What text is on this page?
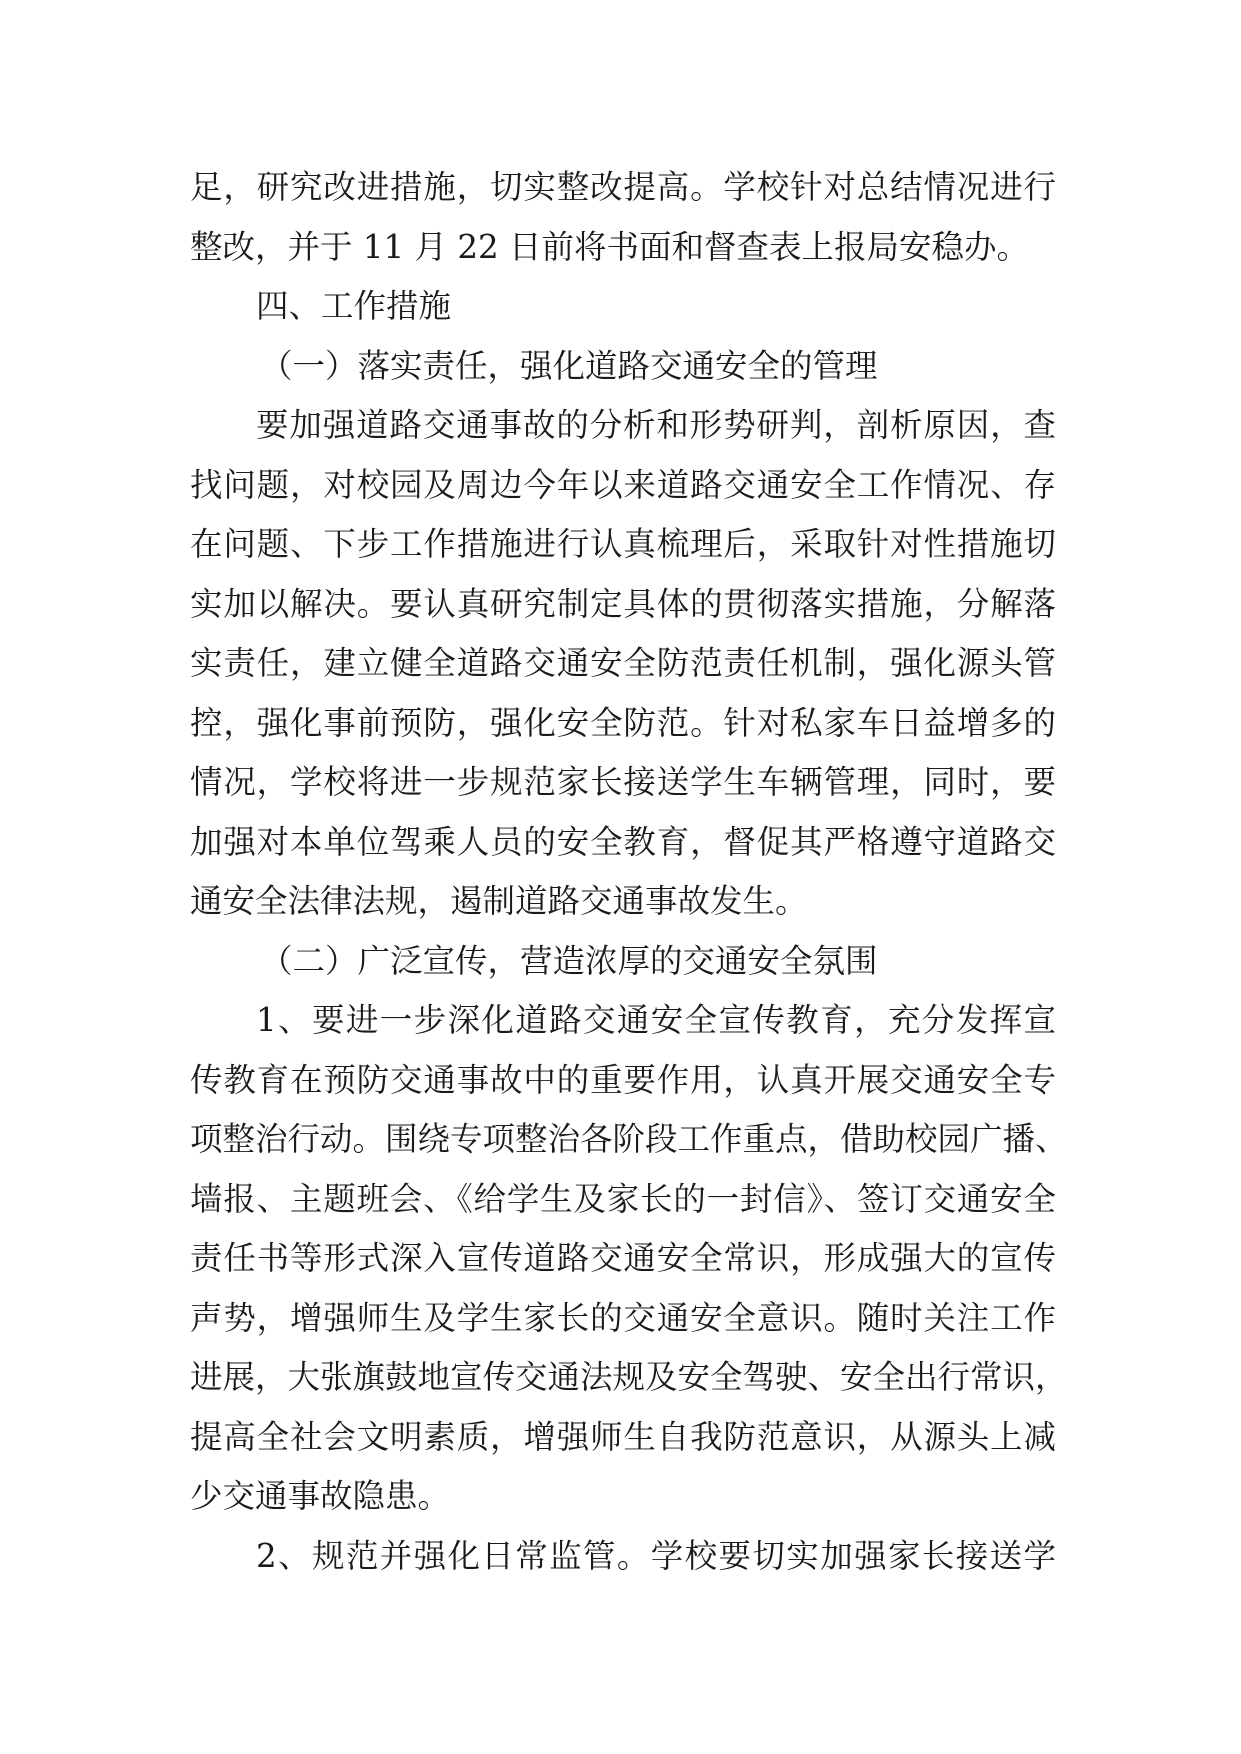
足，研究改进措施，切实整改提高。学校针对总结情况进行
整改，并于 11 月 22 日前将书面和督查表上报局安稳办。
四、工作措施
（一）落实责任，强化道路交通安全的管理
要加强道路交通事故的分析和形势研判，剖析原因，查
找问题，对校园及周边今年以来道路交通安全工作情况、存
在问题、下步工作措施进行认真梳理后，采取针对性措施切
实加以解决。要认真研究制定具体的贯彻落实措施，分解落
实责任，建立健全道路交通安全防范责任机制，强化源头管
控，强化事前预防，强化安全防范。针对私家车日益增多的
情况，学校将进一步规范家长接送学生车辆管理，同时，要
加强对本单位驾乘人员的安全教育，督促其严格遵守道路交
通安全法律法规，遏制道路交通事故发生。
（二）广泛宣传，营造浓厚的交通安全氛围
1、要进一步深化道路交通安全宣传教育，充分发挥宣
传教育在预防交通事故中的重要作用，认真开展交通安全专
项整治行动。围绕专项整治各阶段工作重点，借助校园广播、
墙报、主题班会、《给学生及家长的一封信》、签订交通安全
责任书等形式深入宣传道路交通安全常识，形成强大的宣传
声势，增强师生及学生家长的交通安全意识。随时关注工作
进展，大张旗鼓地宣传交通法规及安全驾驶、安全出行常识，
提高全社会文明素质，增强师生自我防范意识，从源头上减
少交通事故隐患。
2、规范并强化日常监管。学校要切实加强家长接送学
